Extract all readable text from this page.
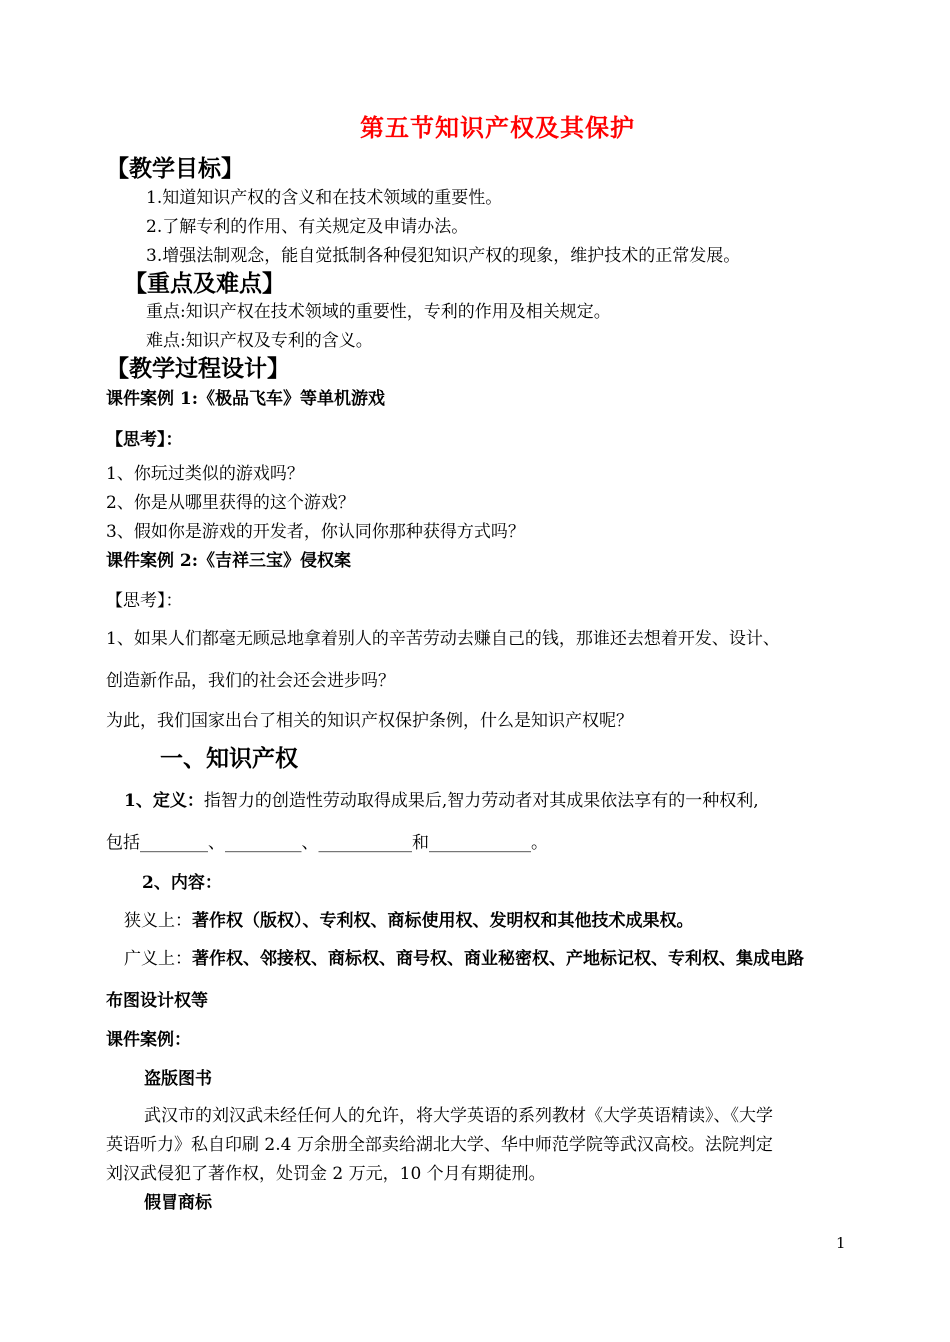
第五节知识产权及其保护
【教学目标】
1.知道知识产权的含义和在技术领域的重要性。
2.了解专利的作用、有关规定及申请办法。
3.增强法制观念，能自觉抵制各种侵犯知识产权的现象，维护技术的正常发展。
【重点及难点】
重点:知识产权在技术领域的重要性，专利的作用及相关规定。
难点:知识产权及专利的含义。
【教学过程设计】
课件案例 1:《极品飞车》等单机游戏
【思考】：
1、你玩过类似的游戏吗？
2、你是从哪里获得的这个游戏？
3、假如你是游戏的开发者，你认同你那种获得方式吗？
课件案例 2:《吉祥三宝》侵权案
【思考】：
1、如果人们都毫无顾忌地拿着别人的辛苦劳动去赚自己的钱，那谁还去想着开发、设计、
创造新作品，我们的社会还会进步吗？
为此，我们国家出台了相关的知识产权保护条例，什么是知识产权呢？
一、知识产权
1、定义：指智力的创造性劳动取得成果后,智力劳动者对其成果依法享有的一种权利,
包括________、_________、___________和____________。
2、内容：
狭义上：著作权（版权）、专利权、商标使用权、发明权和其他技术成果权。
广义上：著作权、邻接权、商标权、商号权、商业秘密权、产地标记权、专利权、集成电路
布图设计权等
课件案例：
盗版图书
武汉市的刘汉武未经任何人的允许，将大学英语的系列教材《大学英语精读》、《大学
英语听力》私自印刷 2.4 万余册全部卖给湖北大学、华中师范学院等武汉高校。法院判定
刘汉武侵犯了著作权，处罚金 2 万元，10 个月有期徒刑。
假冒商标
1
